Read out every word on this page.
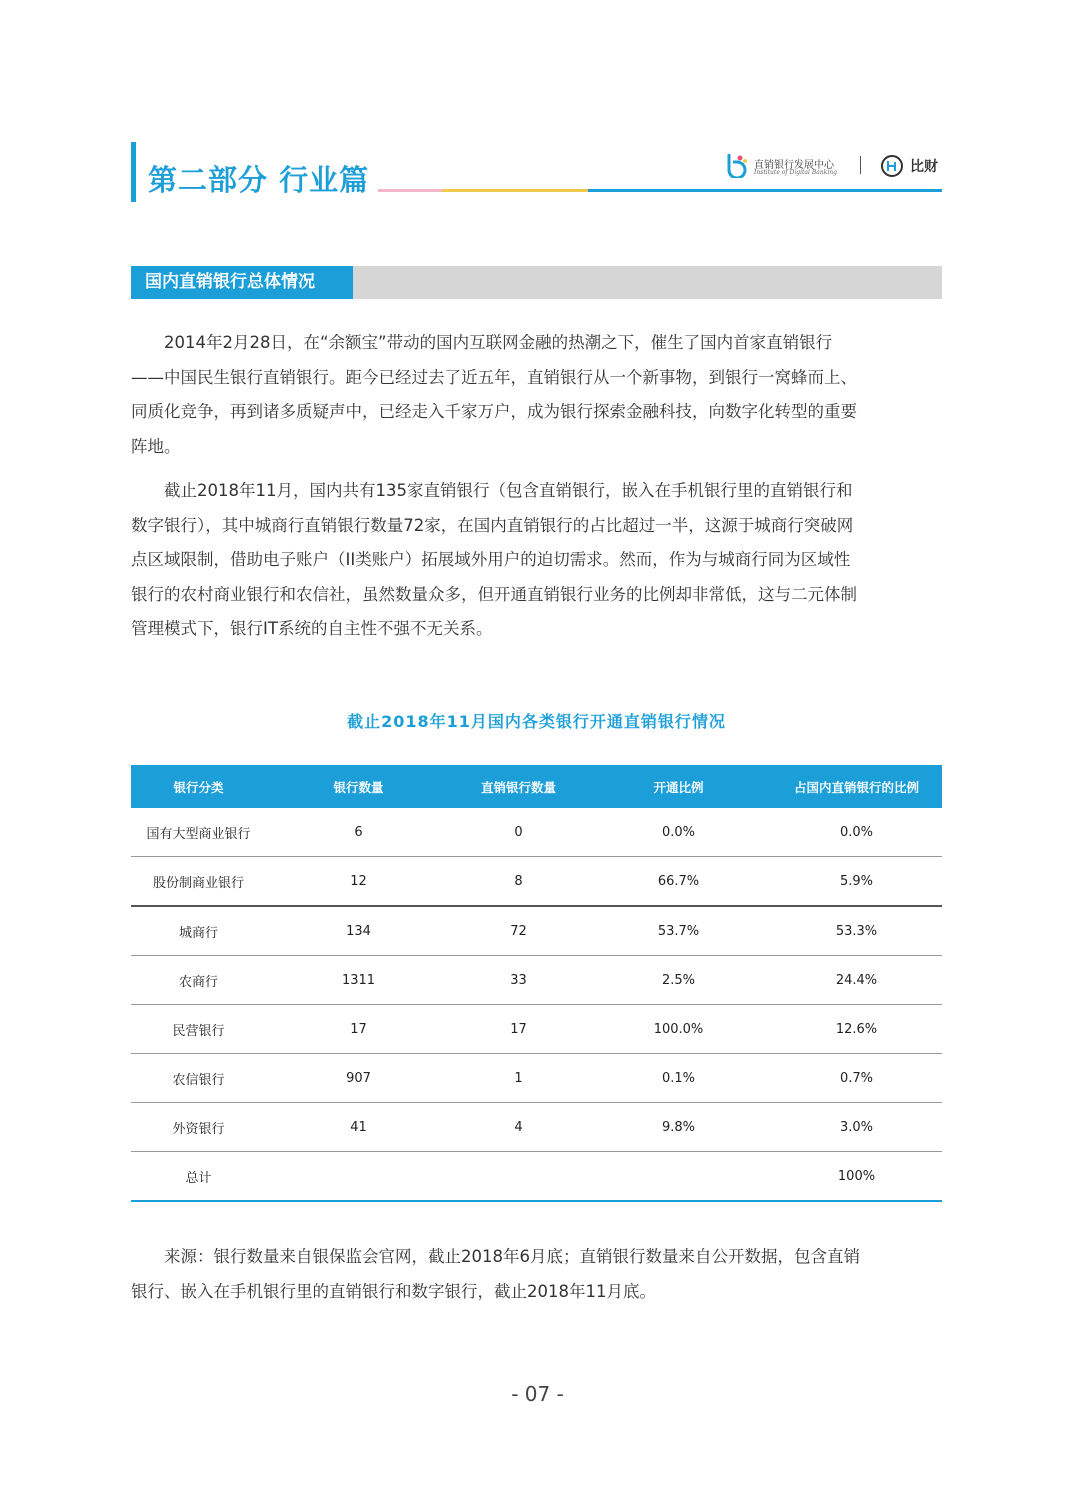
第二部分 行业篇	直销银行发展中心
Institute of Digital Banking	比财
国内直销银行总体情况
　　2014年2月28日，在“余额宝”带动的国内互联网金融的热潮之下，催生了国内首家直销银行
——中国民生银行直销银行。距今已经过去了近五年，直销银行从一个新事物，到银行一窝蜂而上、
同质化竞争，再到诸多质疑声中，已经走入千家万户，成为银行探索金融科技，向数字化转型的重要
阵地。
　　截止2018年11月，国内共有135家直销银行（包含直销银行，嵌入在手机银行里的直销银行和
数字银行），其中城商行直销银行数量72家，在国内直销银行的占比超过一半，这源于城商行突破网
点区域限制，借助电子账户（II类账户）拓展域外用户的迫切需求。然而，作为与城商行同为区域性
银行的农村商业银行和农信社，虽然数量众多，但开通直销银行业务的比例却非常低，这与二元体制
管理模式下，银行IT系统的自主性不强不无关系。
截止2018年11月国内各类银行开通直销银行情况
银行分类	银行数量	直销银行数量	开通比例	占国内直销银行的比例
国有大型商业银行	6	0	0.0%	0.0%
股份制商业银行	12	8	66.7%	5.9%
城商行	134	72	53.7%	53.3%
农商行	1311	33	2.5%	24.4%
民营银行	17	17	100.0%	12.6%
农信银行	907	1	0.1%	0.7%
外资银行	41	4	9.8%	3.0%
总计				100%
　　来源：银行数量来自银保监会官网，截止2018年6月底；直销银行数量来自公开数据，包含直销
银行、嵌入在手机银行里的直销银行和数字银行，截止2018年11月底。
- 07 -
